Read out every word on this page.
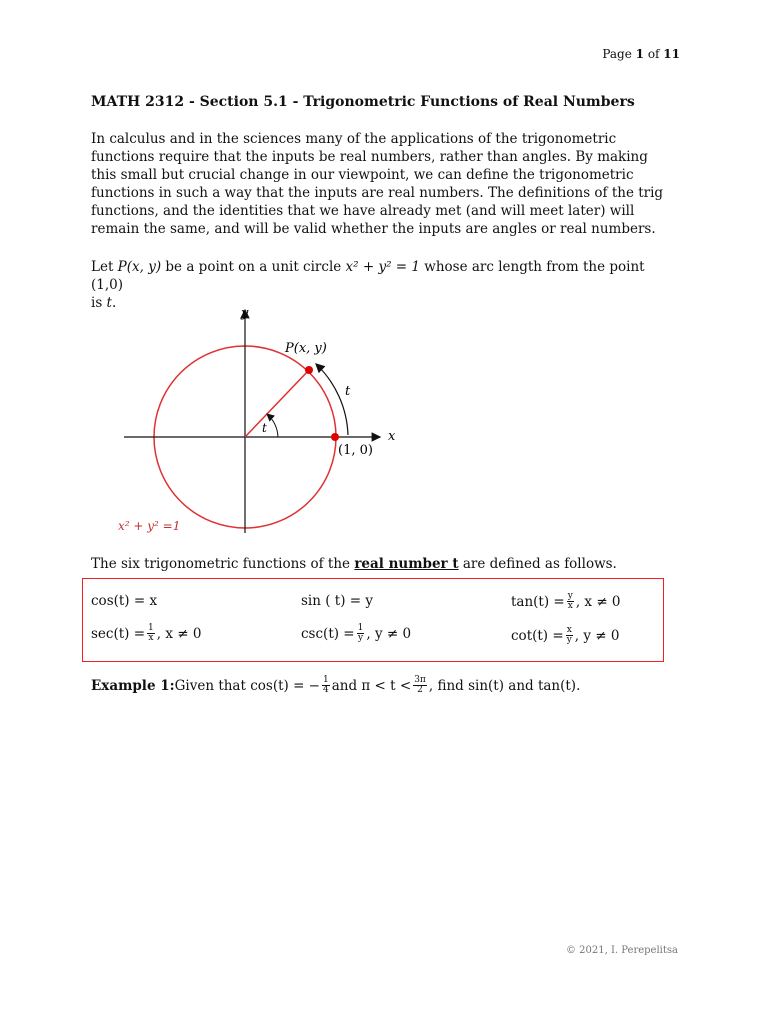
Page 1 of 11
MATH 2312 - Section 5.1 - Trigonometric Functions of Real Numbers
In calculus and in the sciences many of the applications of the trigonometric functions require that the inputs be real numbers, rather than angles. By making this small but crucial change in our viewpoint, we can define the trigonometric functions in such a way that the inputs are real numbers. The definitions of the trig functions, and the identities that we have already met (and will meet later) will remain the same, and will be valid whether the inputs are angles or real numbers.
Let P(x, y) be a point on a unit circle x² + y² = 1 whose arc length from the point (1,0)
is t.
y
x
P(x, y)
t
t
(1, 0)
x² + y² =1
The six trigonometric functions of the real number t are defined as follows.
cos(t) = x	sin ( t) = y	$\tan(t) = \frac{y}{x}$ , x ≠ 0
$\sec(t) = \frac{1}{x}$ , x ≠ 0	$\csc(t) = \frac{1}{y}$ , y ≠ 0	$\cot(t) = \frac{x}{y}$ , y ≠ 0
Example 1: Given that cos(t) = − $\frac{1}{4}$ and $\pi < t < \frac{3\pi}{2}$ , find sin(t) and tan(t).
© 2021, I. Perepelitsa
